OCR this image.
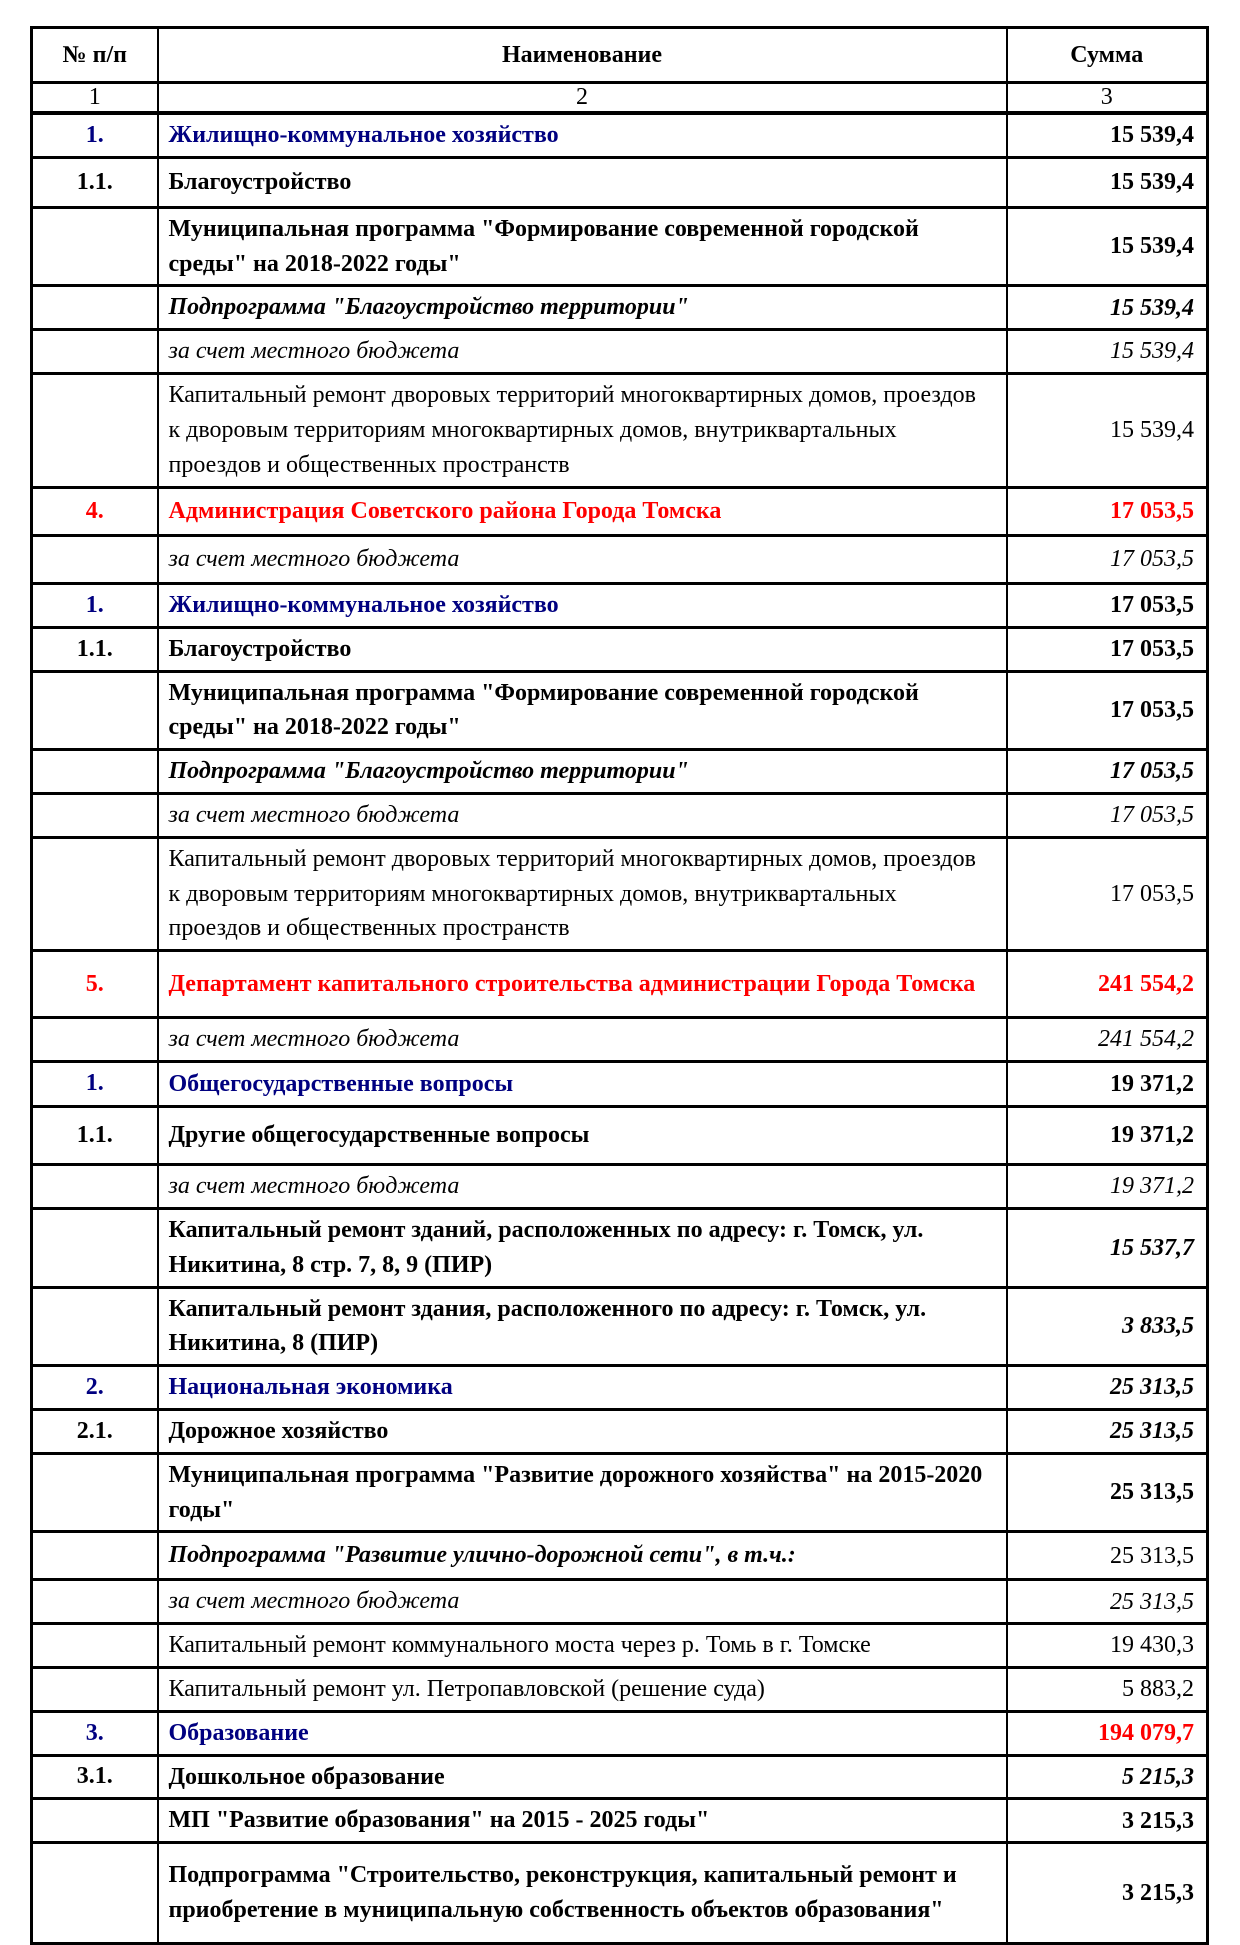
№ п/п	Наименование	Сумма
1	2	3
1.	Жилищно-коммунальное хозяйство	15 539,4
1.1.	Благоустройство	15 539,4
	Муниципальная программа "Формирование современной городской среды" на 2018-2022 годы"	15 539,4
	Подпрограмма "Благоустройство территории"	15 539,4
	за счет местного бюджета	15 539,4
	Капитальный ремонт дворовых территорий многоквартирных домов, проездов к дворовым территориям многоквартирных домов, внутриквартальных проездов и общественных пространств	15 539,4
4.	Администрация Советского района Города Томска	17 053,5
	за счет местного бюджета	17 053,5
1.	Жилищно-коммунальное хозяйство	17 053,5
1.1.	Благоустройство	17 053,5
	Муниципальная программа "Формирование современной городской среды" на 2018-2022 годы"	17 053,5
	Подпрограмма "Благоустройство территории"	17 053,5
	за счет местного бюджета	17 053,5
	Капитальный ремонт дворовых территорий многоквартирных домов, проездов к дворовым территориям многоквартирных домов, внутриквартальных проездов и общественных пространств	17 053,5
5.	Департамент капитального строительства администрации Города Томска	241 554,2
	за счет местного бюджета	241 554,2
1.	Общегосударственные вопросы	19 371,2
1.1.	Другие общегосударственные вопросы	19 371,2
	за счет местного бюджета	19 371,2
	Капитальный ремонт зданий, расположенных по адресу: г. Томск, ул. Никитина, 8 стр. 7, 8, 9 (ПИР)	15 537,7
	Капитальный ремонт здания, расположенного по адресу: г. Томск, ул. Никитина, 8 (ПИР)	3 833,5
2.	Национальная экономика	25 313,5
2.1.	Дорожное хозяйство	25 313,5
	Муниципальная программа "Развитие дорожного хозяйства" на 2015-2020 годы"	25 313,5
	Подпрограмма "Развитие улично-дорожной сети", в т.ч.:	25 313,5
	за счет местного бюджета	25 313,5
	Капитальный ремонт коммунального моста через р. Томь в г. Томске	19 430,3
	Капитальный ремонт ул. Петропавловской (решение суда)	5 883,2
3.	Образование	194 079,7
3.1.	Дошкольное образование	5 215,3
	МП "Развитие образования" на 2015 - 2025 годы"	3 215,3
	Подпрограмма "Строительство, реконструкция, капитальный ремонт и приобретение в муниципальную собственность объектов образования"	3 215,3
